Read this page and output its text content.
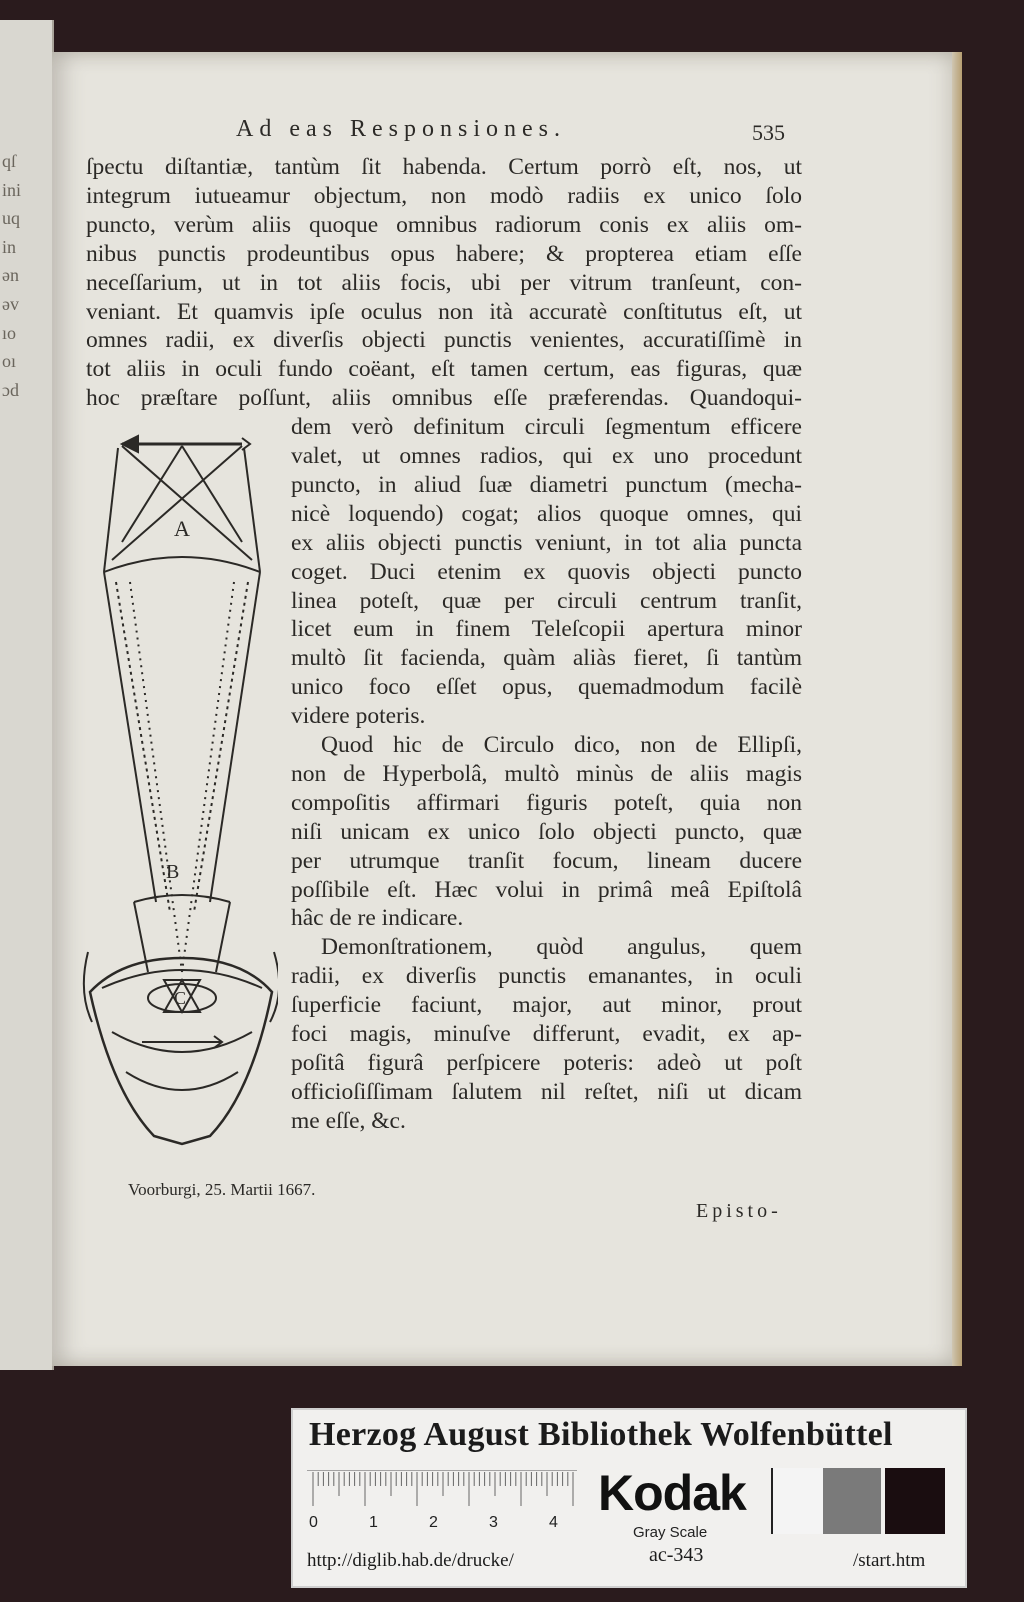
qſ
ini
uq
in
ən
əv
ıo
oı
ɔd
Ad eas Responsiones.	535
ſpectu diſtantiæ, tantùm ſit habenda. Certum porrò eſt, nos, ut
integrum iutueamur objectum, non modò radiis ex unico ſolo
puncto, verùm aliis quoque omnibus radiorum conis ex aliis om-
nibus punctis prodeuntibus opus habere; & propterea etiam eſſe
neceſſarium, ut in tot aliis focis, ubi per vitrum tranſeunt, con-
veniant. Et quamvis ipſe oculus non ità accuratè conſtitutus eſt, ut
omnes radii, ex diverſis objecti punctis venientes, accuratiſſimè in
tot aliis in oculi fundo coëant, eſt tamen certum, eas figuras, quæ
hoc præſtare poſſunt, aliis omnibus eſſe præferendas. Quandoqui-
dem verò definitum circuli ſegmentum efficere
valet, ut omnes radios, qui ex uno procedunt
puncto, in aliud ſuæ diametri punctum (mecha-
nicè loquendo) cogat; alios quoque omnes, qui
ex aliis objecti punctis veniunt, in tot alia puncta
coget. Duci etenim ex quovis objecti puncto
linea poteſt, quæ per circuli centrum tranſit,
licet eum in finem Teleſcopii apertura minor
multò ſit facienda, quàm aliàs fieret, ſi tantùm
unico foco eſſet opus, quemadmodum facilè
videre poteris.
Quod hic de Circulo dico, non de Ellipſi,
non de Hyperbolâ, multò minùs de aliis magis
compoſitis affirmari figuris poteſt, quia non
niſi unicam ex unico ſolo objecti puncto, quæ
per utrumque tranſit focum, lineam ducere
poſſibile eſt. Hæc volui in primâ meâ Epiſtolâ
hâc de re indicare.
Demonſtrationem, quòd angulus, quem
radii, ex diverſis punctis emanantes, in oculi
ſuperficie faciunt, major, aut minor, prout
foci magis, minuſve differunt, evadit, ex ap-
poſitâ figurâ perſpicere poteris: adeò ut poſt
officioſiſſimam ſalutem nil reſtet, niſi ut dicam
me eſſe, &c.
A
B
C
Voorburgi, 25. Martii 1667.
Episto-
Herzog August Bibliothek Wolfenbüttel
0	1	2	3	4
Kodak
Gray Scale
http://diglib.hab.de/drucke/	ac-343	/start.htm
